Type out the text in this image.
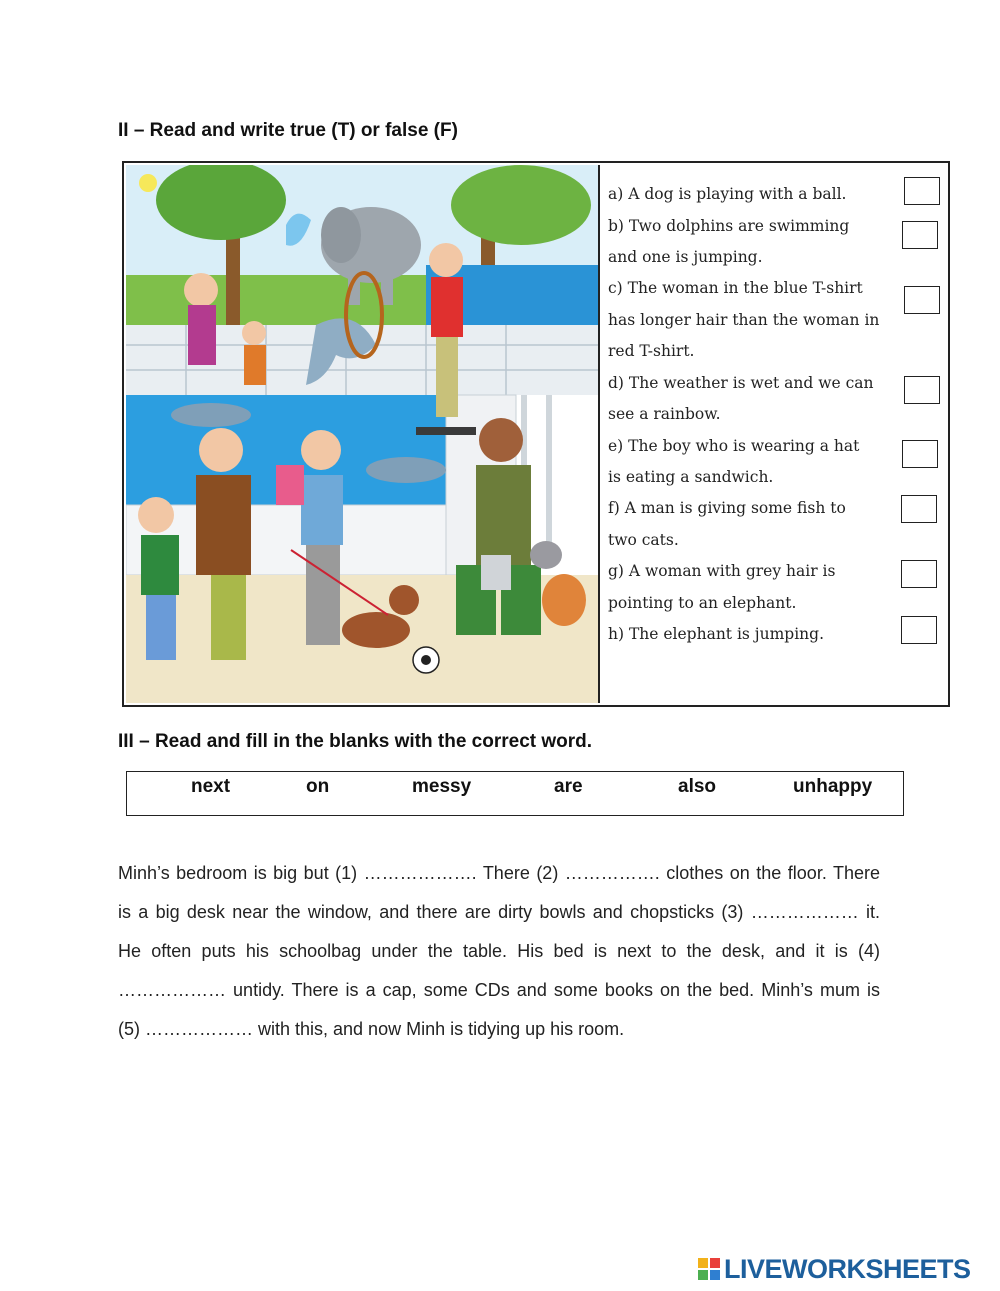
II – Read and write true (T) or false (F)
a) A dog is playing with a ball.
b) Two dolphins are swimming
and one is jumping.
c) The woman in the blue T-shirt
has longer hair than the woman in
red T-shirt.
d) The weather is wet and we can
see a rainbow.
e) The boy who is wearing a hat
is eating a sandwich.
f) A man is giving some fish to
two cats.
g) A woman with grey hair is
pointing to an elephant.
h) The elephant is jumping.
III – Read and fill in the blanks with the correct word.
next	on	messy	are	also	unhappy
Minh’s bedroom is big but (1) ………………. There (2) ……………. clothes on the floor. There
is a big desk near the window, and there are dirty bowls and chopsticks (3) ……………… it.
He often puts his schoolbag under the table. His bed is next to the desk, and it is (4)
……………… untidy. There is a cap, some CDs and some books on the bed. Minh’s mum is
(5) ……………… with this, and now Minh is tidying up his room.
LIVEWORKSHEETS
